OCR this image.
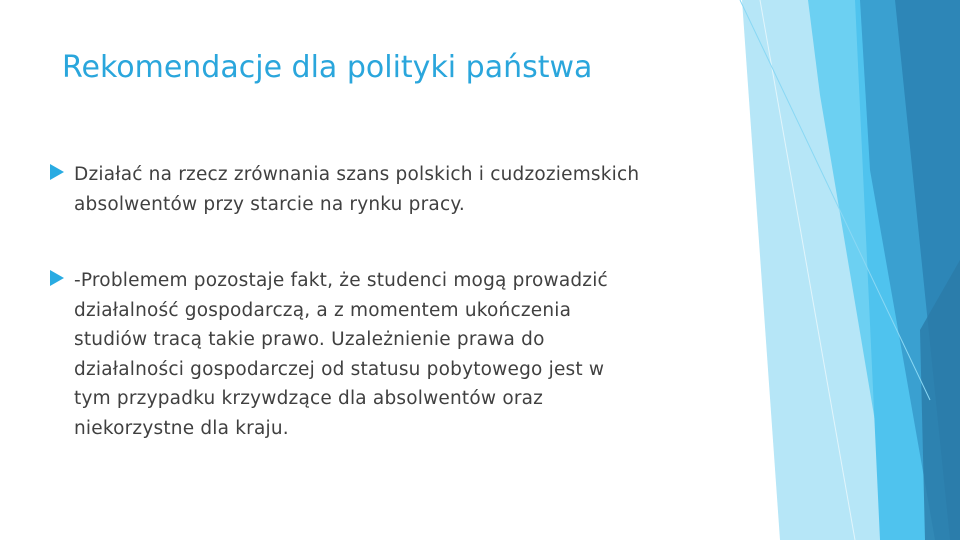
Rekomendacje dla polityki państwa
Działać na rzecz zrównania szans polskich i cudzoziemskich
absolwentów przy starcie na rynku pracy.
-Problemem pozostaje fakt, że studenci mogą prowadzić
działalność gospodarczą, a z momentem ukończenia
studiów tracą takie prawo. Uzależnienie prawa do
działalności gospodarczej od statusu pobytowego jest w
tym przypadku krzywdzące dla absolwentów oraz
niekorzystne dla kraju.
